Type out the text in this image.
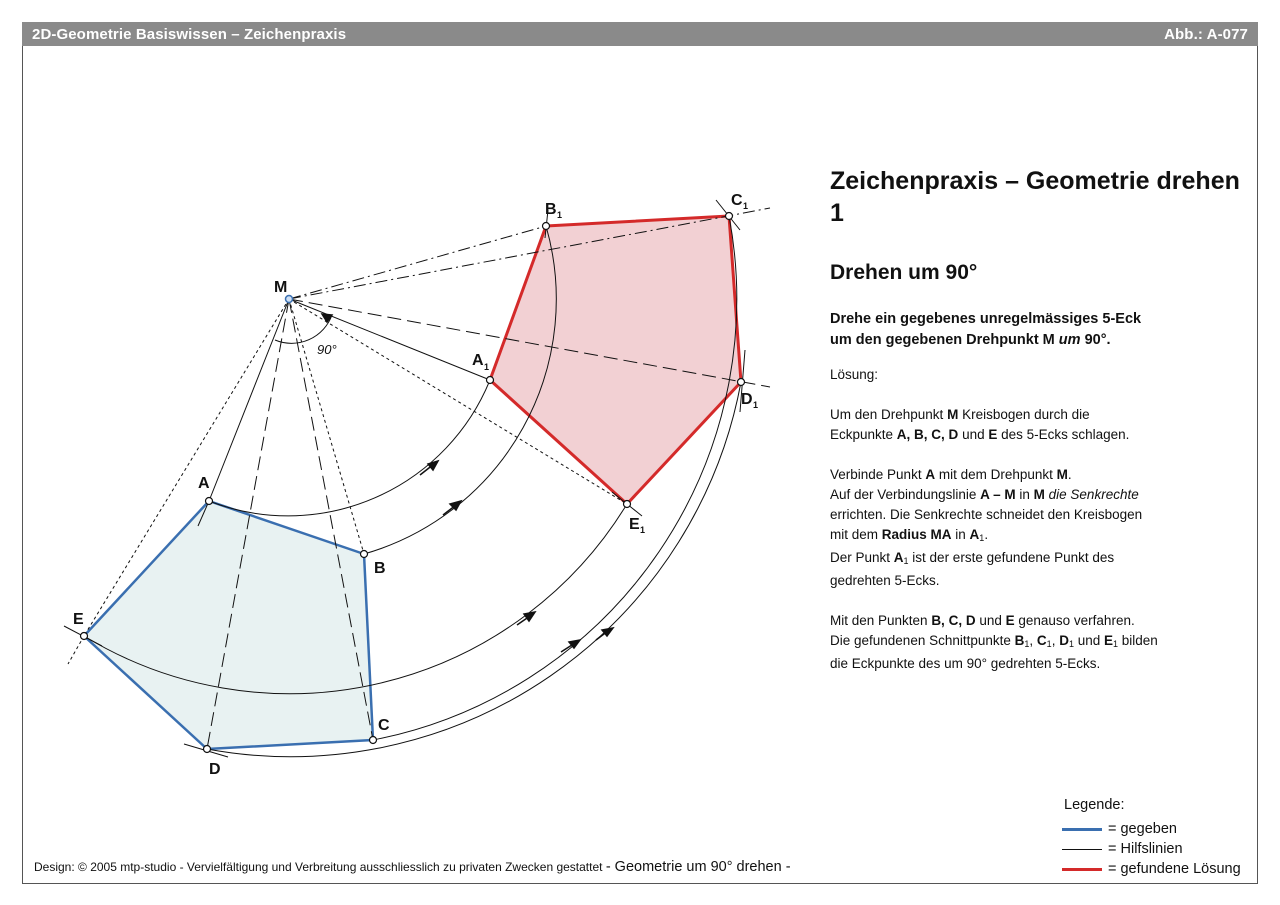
2D-Geometrie Basiswissen – Zeichenpraxis	Abb.: A-077
M
A
B
C
D
E
A
B
C
D
E
1
1
1
1
1
90°
Zeichenpraxis – Geometrie drehen 1
Drehen um 90°
Drehe ein gegebenes unregelmässiges 5-Eck
um den gegebenen Drehpunkt M um 90°.
Lösung:
Um den Drehpunkt M Kreisbogen durch die
Eckpunkte A, B, C, D und E des 5-Ecks schlagen.
Verbinde Punkt A mit dem Drehpunkt M.
Auf der Verbindungslinie A – M in M die Senkrechte
errichten. Die Senkrechte schneidet den Kreisbogen
mit dem Radius MA in $A_1$.
Der Punkt $A_1$ ist der erste gefundene Punkt des
gedrehten 5-Ecks.
Mit den Punkten B, C, D und E genauso verfahren.
Die gefundenen Schnittpunkte $B_1$, $C_1$, $D_1$ und $E_1$ bilden
die Eckpunkte des um 90° gedrehten 5-Ecks.
Design: © 2005 mtp-studio - Vervielfältigung und Verbreitung ausschliesslich zu privaten Zwecken gestattet - Geometrie um 90° drehen -
Legende:
= gegeben
= Hilfslinien
= gefundene Lösung
